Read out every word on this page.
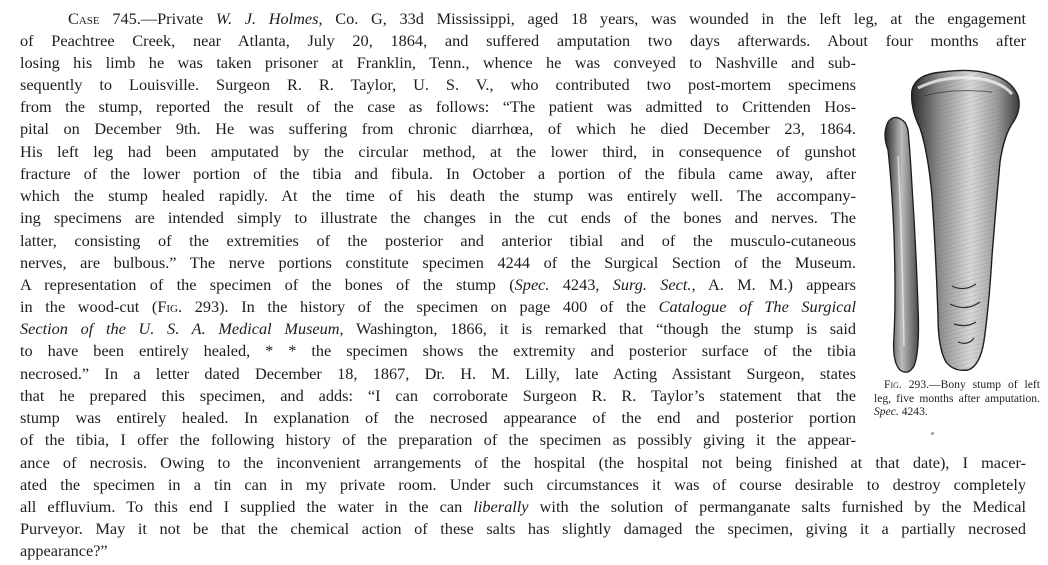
Case 745.—Private W. J. Holmes, Co. G, 33d Mississippi, aged 18 years, was wounded in the left leg, at the engagement
of Peachtree Creek, near Atlanta, July 20, 1864, and suffered amputation two days afterwards. About four months after
losing his limb he was taken prisoner at Franklin, Tenn., whence he was conveyed to Nashville and sub-
sequently to Louisville. Surgeon R. R. Taylor, U. S. V., who contributed two post-mortem specimens
from the stump, reported the result of the case as follows: “The patient was admitted to Crittenden Hos-
pital on December 9th. He was suffering from chronic diarrhœa, of which he died December 23, 1864.
His left leg had been amputated by the circular method, at the lower third, in consequence of gunshot
fracture of the lower portion of the tibia and fibula. In October a portion of the fibula came away, after
which the stump healed rapidly. At the time of his death the stump was entirely well. The accompany-
ing specimens are intended simply to illustrate the changes in the cut ends of the bones and nerves. The
latter, consisting of the extremities of the posterior and anterior tibial and of the musculo-cutaneous
nerves, are bulbous.” The nerve portions constitute specimen 4244 of the Surgical Section of the Museum.
A representation of the specimen of the bones of the stump (Spec. 4243, Surg. Sect., A. M. M.) appears
in the wood-cut (Fig. 293). In the history of the specimen on page 400 of the Catalogue of The Surgical
Section of the U. S. A. Medical Museum, Washington, 1866, it is remarked that “though the stump is said
to have been entirely healed, * * the specimen shows the extremity and posterior surface of the tibia
necrosed.” In a letter dated December 18, 1867, Dr. H. M. Lilly, late Acting Assistant Surgeon, states
that he prepared this specimen, and adds: “I can corroborate Surgeon R. R. Taylor’s statement that the
stump was entirely healed. In explanation of the necrosed appearance of the end and posterior portion
of the tibia, I offer the following history of the preparation of the specimen as possibly giving it the appear-
ance of necrosis. Owing to the inconvenient arrangements of the hospital (the hospital not being finished at that date), I macer-
ated the specimen in a tin can in my private room. Under such circumstances it was of course desirable to destroy completely
all effluvium. To this end I supplied the water in the can liberally with the solution of permanganate salts furnished by the Medical
Purveyor. May it not be that the chemical action of these salts has slightly damaged the specimen, giving it a partially necrosed
appearance?”
Fig. 293.—Bony stump of left leg, five months after amputation. Spec. 4243.
